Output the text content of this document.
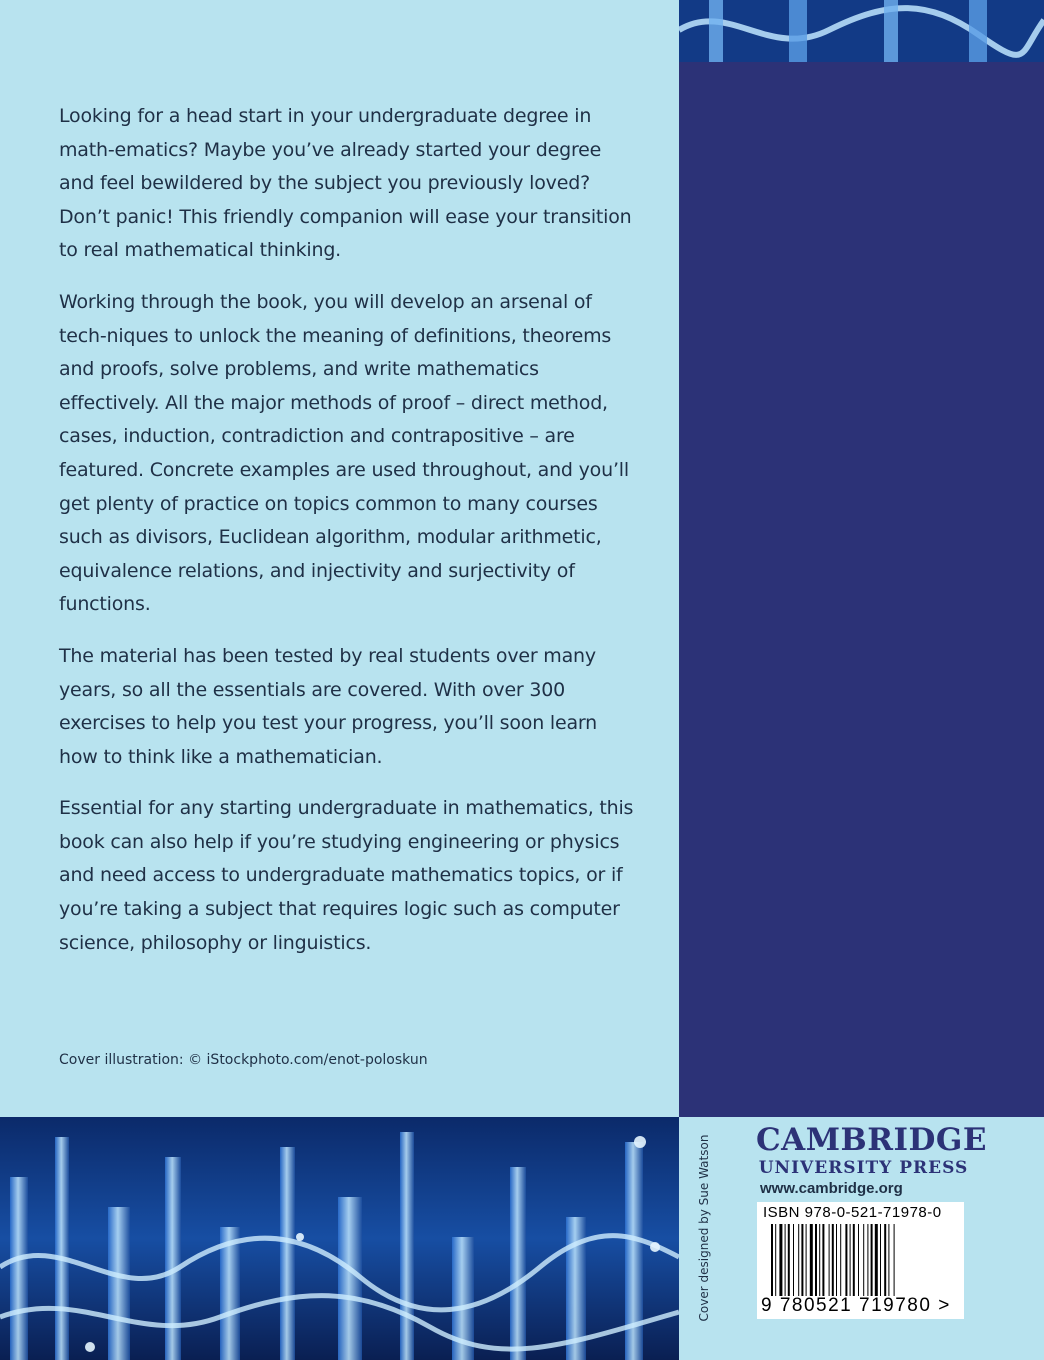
Looking for a head start in your undergraduate degree in math-ematics? Maybe you’ve already started your degree and feel bewildered by the subject you previously loved? Don’t panic! This friendly companion will ease your transition to real mathematical thinking.

Working through the book, you will develop an arsenal of tech-niques to unlock the meaning of definitions, theorems and proofs, solve problems, and write mathematics effectively. All the major methods of proof – direct method, cases, induction, contradiction and contrapositive – are featured. Concrete examples are used throughout, and you’ll get plenty of practice on topics common to many courses such as divisors, Euclidean algorithm, modular arithmetic, equivalence relations, and injectivity and surjectivity of functions.

The material has been tested by real students over many years, so all the essentials are covered. With over 300 exercises to help you test your progress, you’ll soon learn how to think like a mathematician.

Essential for any starting undergraduate in mathematics, this book can also help if you’re studying engineering or physics and need access to undergraduate mathematics topics, or if you’re taking a subject that requires logic such as computer science, philosophy or linguistics.

Cover illustration: © iStockphoto.com/enot-poloskun
Cover designed by Sue Watson CAMBRIDGE
UNIVERSITY PRESS
www.cambridge.org
ISBN 978-0-521-71978-0
9 780521 719780 >
